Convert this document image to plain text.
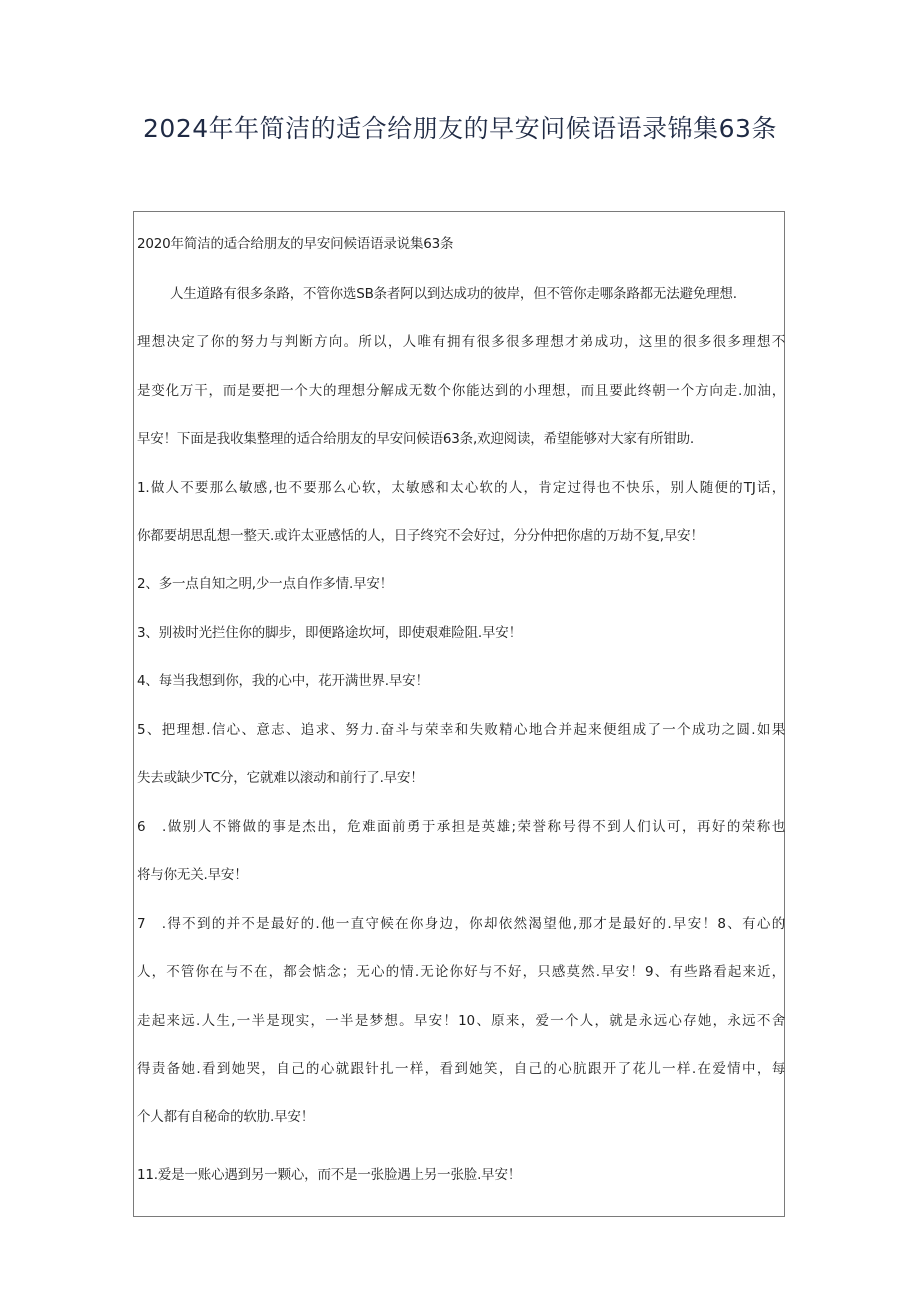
2024年年简洁的适合给朋友的早安问候语语录锦集63条
2020年简洁的适合给朋友的早安问候语语录说集63条
人生道路有很多条路，不管你选SB条者阿以到达成功的彼岸，但不管你走哪条路都无法避免理想.
理想决定了你的努力与判断方向。所以，人唯有拥有很多很多理想才弟成功，这里的很多很多理想不
是变化万干，而是要把一个大的理想分解成无数个你能达到的小理想，而且要此终朝一个方向走.加油，
早安！下面是我收集整理的适合给朋友的早安问候语63条,欢迎阅读，希望能够对大家有所钳助.
1.做人不要那么敏感,也不要那么心软，太敏感和太心软的人，肯定过得也不快乐，别人随便的TJ话，
你都要胡思乱想一整天.或许太亚感恬的人，日子终究不会好过，分分仲把你虐的万劫不复,早安！
2、多一点自知之明,少一点自作多情.早安！
3、别祓时光拦住你的脚步，即便路途坎坷，即使艰难险阻.早安！
4、每当我想到你，我的心中，花开满世界.早安！
5、把理想.信心、意志、追求、努力.奋斗与荣幸和失败精心地合并起来便组成了一个成功之圆.如果
失去或缺少TC分，它就难以滚动和前行了.早安！
6　.做别人不锵做的事是杰出，危难面前勇于承担是英雄;荣誉称号得不到人们认可，再好的荣称也
将与你无关.早安！
7　.得不到的并不是最好的.他一直守候在你身边，你却依然渴望他,那才是最好的.早安！8、有心的
人，不管你在与不在，都会惦念；无心的情.无论你好与不好，只感莫然.早安！9、有些路看起来近，
走起来远.人生,一半是现实，一半是梦想。早安！10、原来，爱一个人，就是永远心存她，永远不舍
得责备她.看到她哭，自己的心就跟针扎一样，看到她笑，自己的心肮跟开了花儿一样.在爱情中，每
个人都有自秘命的软肋.早安！
11.爱是一账心遇到另一颗心，而不是一张脸遇上另一张脸.早安！
